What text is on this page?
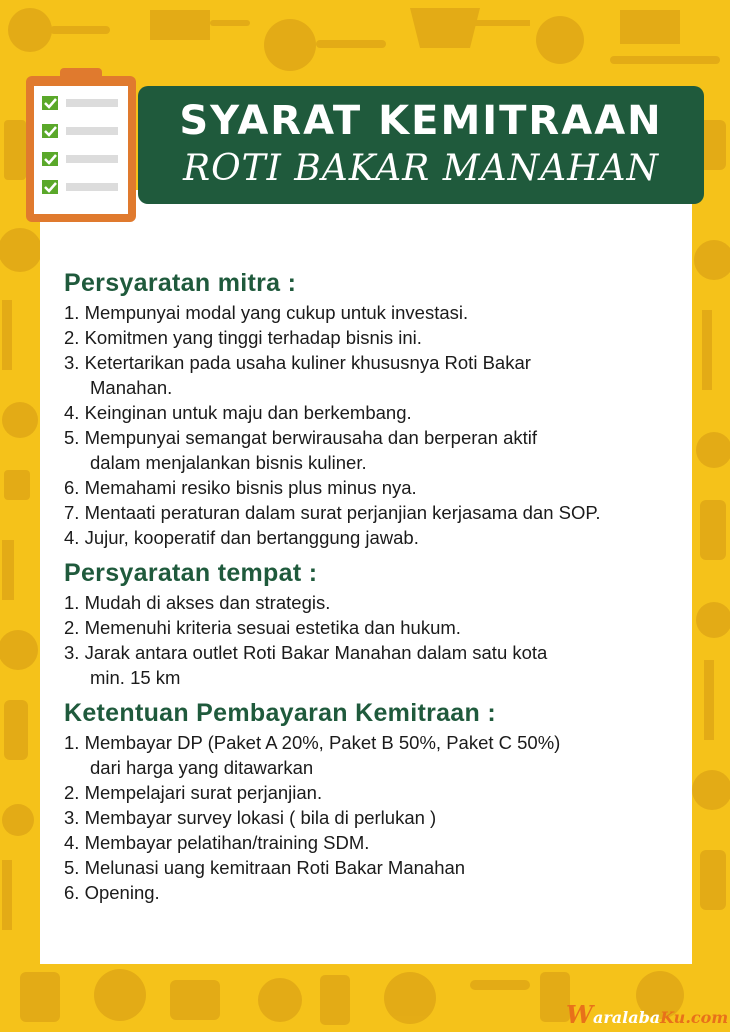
SYARAT KEMITRAAN
ROTI BAKAR MANAHAN
Persyaratan mitra :
1. Mempunyai modal yang cukup untuk investasi.
2. Komitmen yang tinggi terhadap bisnis ini.
3. Ketertarikan pada usaha kuliner khususnya Roti Bakar
Manahan.
4. Keinginan untuk maju dan berkembang.
5. Mempunyai semangat berwirausaha dan berperan aktif
dalam menjalankan bisnis kuliner.
6. Memahami resiko bisnis plus minus nya.
7. Mentaati peraturan dalam surat perjanjian kerjasama dan SOP.
4. Jujur, kooperatif dan bertanggung jawab.
Persyaratan tempat :
1. Mudah di akses dan strategis.
2. Memenuhi kriteria sesuai estetika dan hukum.
3. Jarak antara outlet Roti Bakar Manahan dalam satu kota
min. 15 km
Ketentuan Pembayaran Kemitraan :
1. Membayar DP (Paket A 20%, Paket B 50%, Paket C 50%)
dari harga yang ditawarkan
2. Mempelajari surat perjanjian.
3. Membayar survey lokasi ( bila di perlukan )
4. Membayar pelatihan/training SDM.
5. Melunasi uang kemitraan Roti Bakar Manahan
6. Opening.
WaralabaKu.com
